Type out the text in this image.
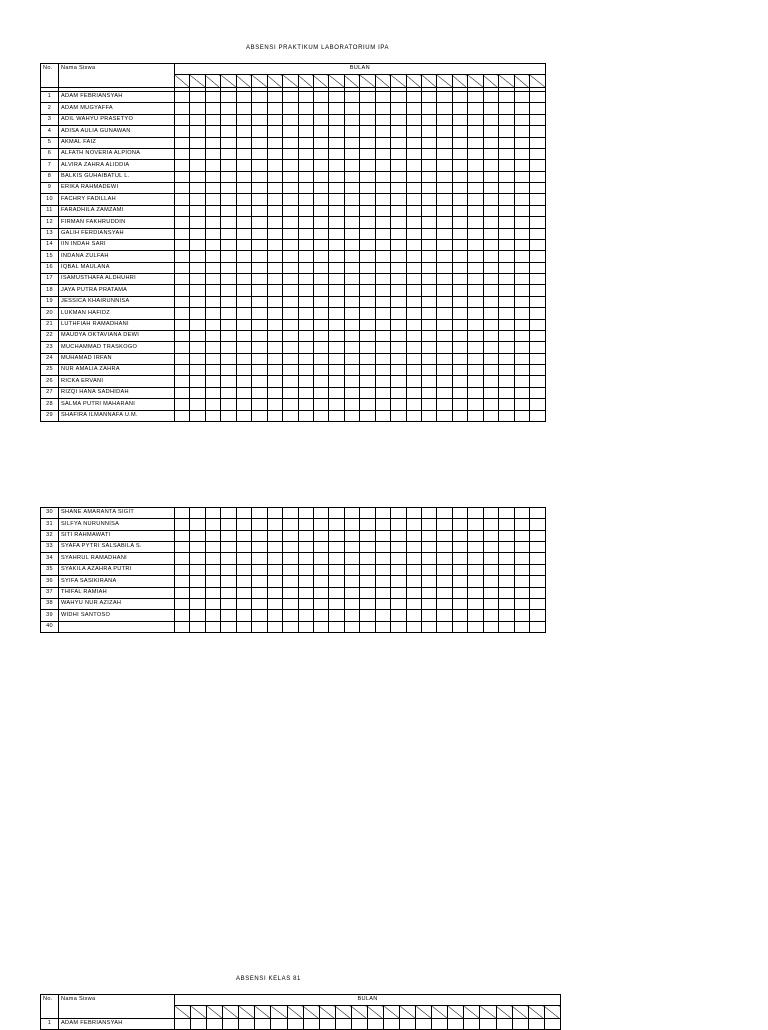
ABSENSI PRAKTIKUM LABORATORIUM IPA
No.	Nama Siswa	BULAN																							

1	ADAM FEBRIANSYAH																								
2	ADAM MUGYAFFA																								
3	ADIL WAHYU PRASETYO																								
4	ADISA AULIA GUNAWAN																								
5	AKMAL FAIZ																								
6	ALFATH NOVERIA ALPIONA																								
7	ALVIRA ZAHRA ALIDDIA																								
8	BALKIS GUHAIBATUL L.																								
9	ERIKA RAHMADEWI																								
10	FACHRY FADILLAH																								
11	FARADHILA ZAMZAMI																								
12	FIRMAN FAKHRUDDIN																								
13	GALIH FERDIANSYAH																								
14	IIN INDAH SARI																								
15	INDANA ZULFAH																								
16	IQBAL MAULANA																								
17	ISAMUSTHAFA ALDHUHRI																								
18	JAYA PUTRA PRATAMA																								
19	JESSICA KHAIRUNNISA																								
20	LUKMAN HAFIDZ																								
21	LUTHFIAH RAMADHANI																								
22	MAUDYA OKTAVIANA DEWI																								
23	MUCHAMMAD TRASKOGO																								
24	MUHAMAD IRFAN																								
25	NUR AMALIA ZAHRA																								
26	RICKA ERVANI																								
27	RIZQI HANA SADHIDAH																								
28	SALMA PUTRI MAHARANI																								
29	SHAFIRA ILMANNAFA U.M.																								
30	SHANE AMARANTA SIGIT																								
31	SILFYA NURUNNISA																								
32	SITI RAHMAWATI																								
33	SYAFA PYTRI SALSABILA S.																								
34	SYAHRUL RAMADHANI																								
35	SYAKILA AZAHRA PUTRI																								
36	SYIFA SASIKIRANA																								
37	THIFAL RAMIAH																								
38	WAHYU NUR AZIZAH																								
39	WIDHI SANTOSO																								
40																									
ABSENSI KELAS 81
No.	Nama Siswa	BULAN																							

1	ADAM FEBRIANSYAH																								
